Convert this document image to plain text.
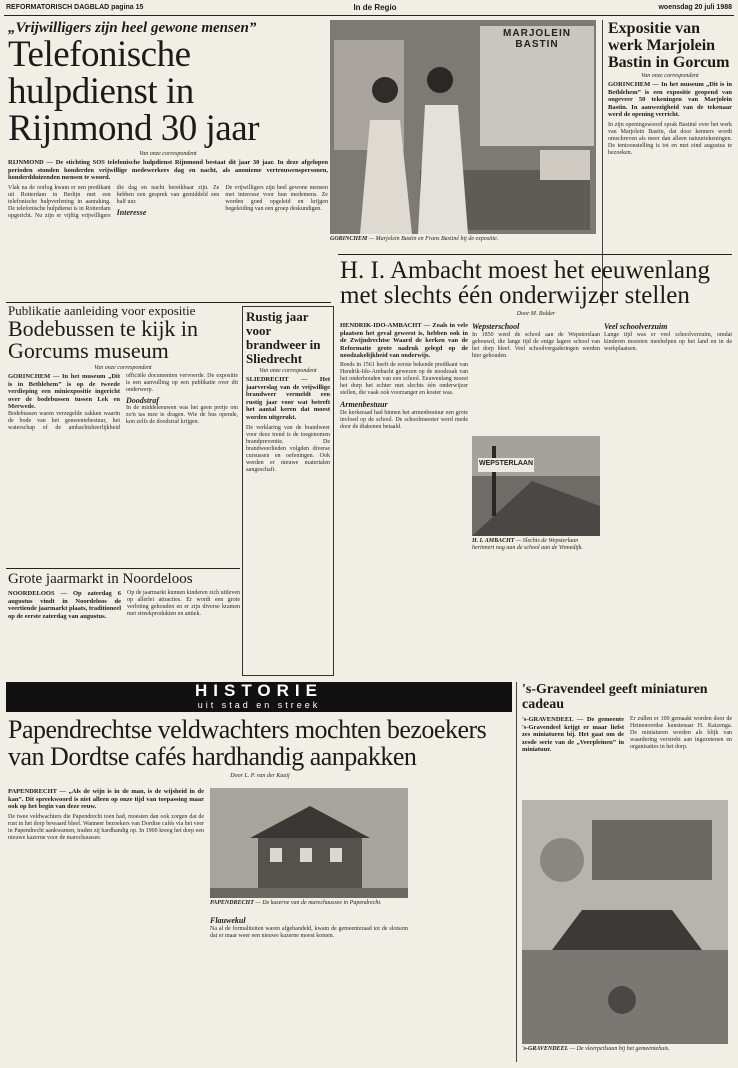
REFORMATORISCH DAGBLAD pagina 15	In de Regio	woensdag 20 juli 1988
„Vrijwilligers zijn heel gewone mensen”
Telefonische hulpdienst in Rijnmond 30 jaar
Van onze correspondent
RIJNMOND — De stichting SOS telefonische hulpdienst Rijnmond bestaat dit jaar 30 jaar. In deze afgelopen perioden stonden honderden vrijwillige medewerkers dag en nacht, als anonieme vertrouwenspersonen, honderdduizenden mensen te woord.
Vlak na de oorlog kwam er een predikant uit Rotterdam in Berlijn met een telefonische hulpverlening in aanraking. De telefonische hulpdienst is in Rotterdam opgericht. Nu zijn er vijftig vrijwilligers die dag en nacht bereikbaar zijn. Ze hebben een gesprek van gemiddeld een half uur.
Interesse
De vrijwilligers zijn heel gewone mensen met interesse voor hun medemens. Ze worden goed opgeleid en krijgen begeleiding van een groep deskundigen.
MARJOLEIN BASTIN
GORINCHEM — Marjolein Bastin en Frans Bastiné bij de expositie.
Expositie van werk Marjolein Bastin in Gorcum
Van onze correspondent
GORINCHEM — In het museum „Dit is in Bethlehem” is een expositie geopend van ongeveer 50 tekeningen van Marjolein Bastin. In aanwezigheid van de tekenaar werd de opening verricht.
In zijn openingswoord sprak Bastiné over het werk van Marjolein Bastin, dat door kenners wordt omschreven als meer dan alleen natuurtekeningen. De tentoonstelling is tot en met eind augustus te bezoeken.
Publikatie aanleiding voor expositie
Bodebussen te kijk in Gorcums museum
Van onze correspondent
GORINCHEM — In het museum „Dit is in Bethlehem” is op de tweede verdieping een miniexpositie ingericht over de bodebussen tussen Lek en Merwede.
Bodebussen waren verzegelde zakken waarin de bode van het gemeentebestuur, het waterschap of de ambachtsheerlijkheid officiële documenten vervoerde. De expositie is een aanvulling op een publikatie over dit onderwerp.
Doodstraf
In de middeleeuwen was het geen pretje om zo'n tas mee te dragen. Wie de bus opende, kon zelfs de doodstraf krijgen.
Rustig jaar voor brandweer in Sliedrecht
Van onze correspondent
SLIEDRECHT — Het jaarverslag van de vrijwillige brandweer vermeldt een rustig jaar voor wat betreft het aantal keren dat moest worden uitgerukt.
De verklaring van de brandweer voor deze trend is de toegenomen brandpreventie. De brandweerlieden volgden diverse cursussen en oefeningen. Ook werden er nieuwe materialen aangeschaft.
H. I. Ambacht moest het eeuwenlang met slechts één onderwijzer stellen
Door M. Bolder
HENDRIK-IDO-AMBACHT — Zoals in vele plaatsen het geval geweest is, hebben ook in de Zwijndrechtse Waard de kerken van de Reformatie grote nadruk gelegd op de noodzakelijkheid van onderwijs.
Reeds in 1561 heeft de eerste bekende predikant van Hendrik-Ido-Ambacht gewezen op de noodzaak van het onderhouden van een school. Eeuwenlang moest het dorp het echter met slechts één onderwijzer stellen, die vaak ook voorzanger en koster was.
Armenbestuur
De kerkeraad had binnen het armenbestuur een grote invloed op de school. De schoolmeester werd mede door de diakenen betaald.
Wepsterschool
In 1850 werd de school aan de Wepsterslaan gebouwd, die lange tijd de enige lagere school van het dorp bleef. Veel schoolvergaderingen werden hier gehouden.
Veel schoolverzuim
Lange tijd was er veel schoolverzuim, omdat kinderen moesten meehelpen op het land en in de werkplaatsen.
WEPSTERLAAN
H. I. AMBACHT — Slechts de Wepsterlaan herinnert nog aan de school aan de Vinnedijk.
Grote jaarmarkt in Noordeloos
NOORDELOOS — Op zaterdag 6 augustus vindt in Noordeloos de veertiende jaarmarkt plaats, traditioneel op de eerste zaterdag van augustus.
Op de jaarmarkt kunnen kinderen zich uitleven op allerlei attracties. Er wordt een grote verloting gehouden en er zijn diverse kramen met streekprodukten en antiek.
HISTORIE
uit stad en streek
Papendrechtse veldwachters mochten bezoekers van Dordtse cafés hardhandig aanpakken
Door L. P. van der Kaaij
PAPENDRECHT — „Als de wijn is in de man, is de wijsheid in de kan”. Dit spreekwoord is niet alleen op onze tijd van toepassing maar ook op het begin van deze eeuw.
De twee veldwachters die Papendrecht toen had, moesten dan ook zorgen dat de rust in het dorp bewaard bleef. Wanneer bezoekers van Dordtse cafés via het veer in Papendrecht aankwamen, traden zij hardhandig op. In 1900 kreeg het dorp een nieuwe kazerne voor de marechaussee.
PAPENDRECHT — De kazerne van de marechaussee in Papendrecht.
Flauwekul
Na al de formaliteiten waren afgehandeld, kwam de gemeenteraad tot de slotsom dat er maar weer een nieuwe kazerne moest komen.
's-Gravendeel geeft miniaturen cadeau
's-GRAVENDEEL — De gemeente 's-Gravendeel krijgt er maar liefst zes miniaturen bij. Het gaat om de zesde serie van de „Veerpleinen” in miniatuur.
Er zullen er 100 gemaakt worden door de Heinenoordse kunstenaar H. Kaizenga. De miniaturen worden als blijk van waardering verstrekt aan ingezetenen en organisaties in het dorp.
's-GRAVENDEEL — De vleerpeilsaan bij het gemeentehuis.
